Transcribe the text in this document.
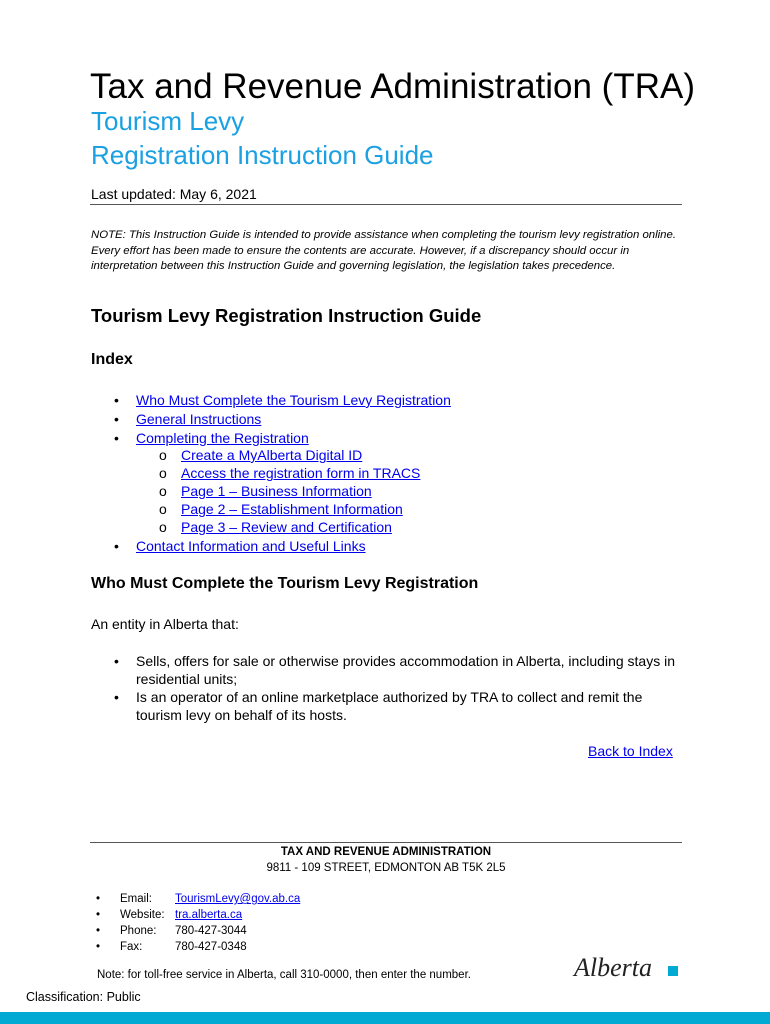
Tax and Revenue Administration (TRA)
Tourism Levy
Registration Instruction Guide
Last updated: May 6, 2021
NOTE: This Instruction Guide is intended to provide assistance when completing the tourism levy registration online. Every effort has been made to ensure the contents are accurate. However, if a discrepancy should occur in interpretation between this Instruction Guide and governing legislation, the legislation takes precedence.
Tourism Levy Registration Instruction Guide
Index
• Who Must Complete the Tourism Levy Registration
• General Instructions
• Completing the Registration
o Create a MyAlberta Digital ID
o Access the registration form in TRACS
o Page 1 – Business Information
o Page 2 – Establishment Information
o Page 3 – Review and Certification
• Contact Information and Useful Links
Who Must Complete the Tourism Levy Registration
An entity in Alberta that:
• Sells, offers for sale or otherwise provides accommodation in Alberta, including stays in residential units;
• Is an operator of an online marketplace authorized by TRA to collect and remit the tourism levy on behalf of its hosts.
Back to Index
TAX AND REVENUE ADMINISTRATION
9811 - 109 STREET, EDMONTON AB T5K 2L5
• Email: TourismLevy@gov.ab.ca
• Website: tra.alberta.ca
• Phone: 780-427-3044
• Fax:	780-427-0348
Note: for toll-free service in Alberta, call 310-0000, then enter the number.	Alberta
Classification: Public
